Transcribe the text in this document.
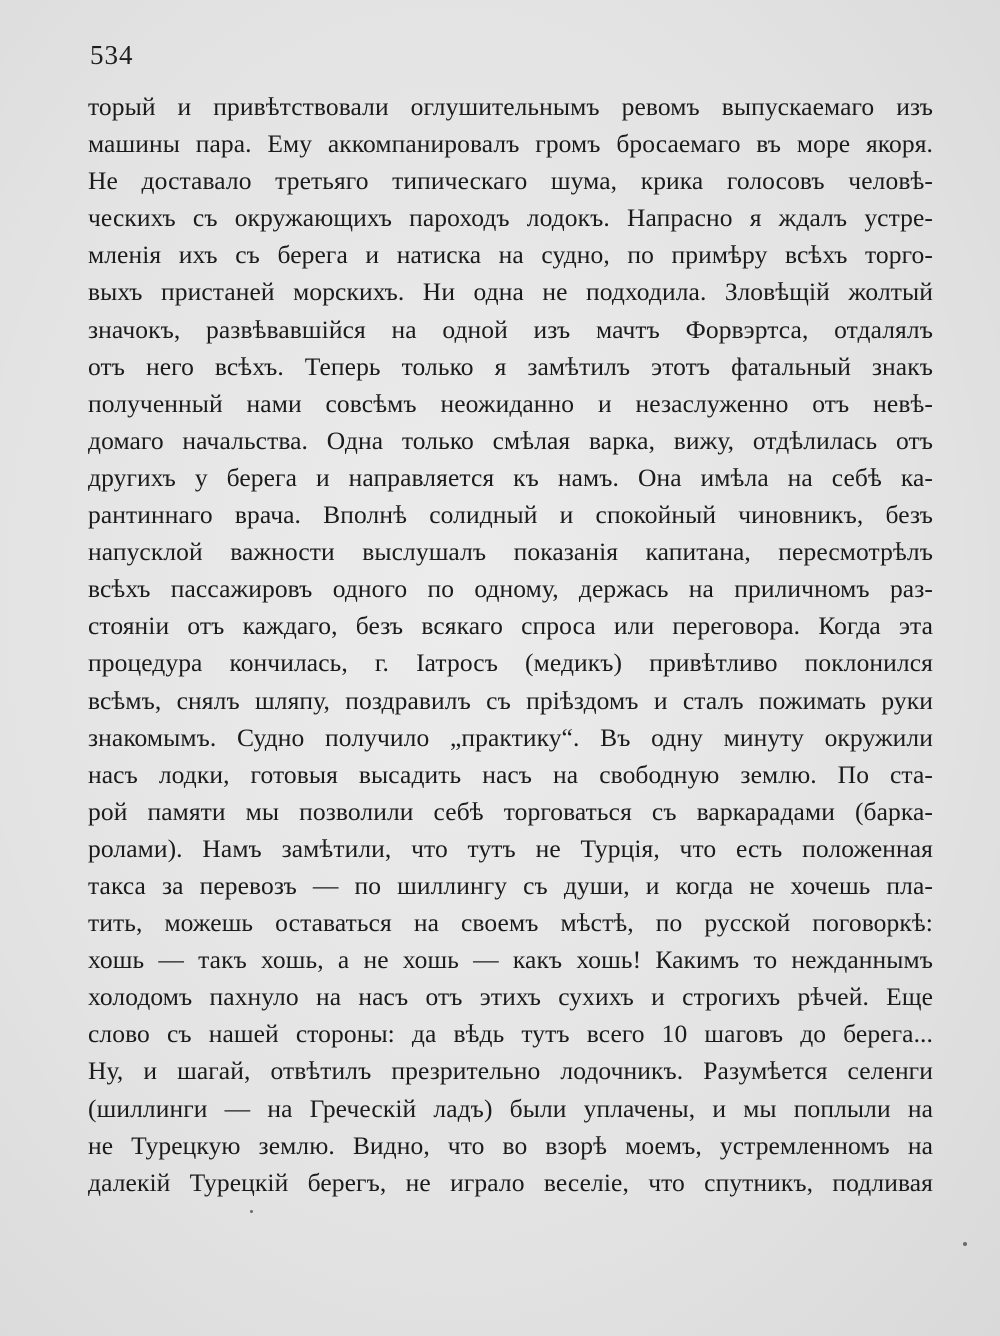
534
торый и привѣтствовали оглушительнымъ ревомъ выпускаемаго изъ
машины пара. Ему аккомпанировалъ громъ бросаемаго въ море якоря.
Не доставало третьяго типическаго шума, крика голосовъ человѣ-
ческихъ съ окружающихъ пароходъ лодокъ. Напрасно я ждалъ устре-
мленія ихъ съ берега и натиска на судно, по примѣру всѣхъ торго-
выхъ пристаней морскихъ. Ни одна не подходила. Зловѣщій жолтый
значокъ, развѣвавшійся на одной изъ мачтъ Форвэртса, отдалялъ
отъ него всѣхъ. Теперь только я замѣтилъ этотъ фатальный знакъ
полученный нами совсѣмъ неожиданно и незаслуженно отъ невѣ-
домаго начальства. Одна только смѣлая варка, вижу, отдѣлилась отъ
другихъ у берега и направляется къ намъ. Она имѣла на себѣ ка-
рантиннаго врача. Вполнѣ солидный и спокойный чиновникъ, безъ
напусклой важности выслушалъ показанія капитана, пересмотрѣлъ
всѣхъ пассажировъ одного по одному, держась на приличномъ раз-
стояніи отъ каждаго, безъ всякаго спроса или переговора. Когда эта
процедура кончилась, г. Іатросъ (медикъ) привѣтливо поклонился
всѣмъ, снялъ шляпу, поздравилъ съ пріѣздомъ и сталъ пожимать руки
знакомымъ. Судно получило „практику“. Въ одну минуту окружили
насъ лодки, готовыя высадить насъ на свободную землю. По ста-
рой памяти мы позволили себѣ торговаться съ варкарадами (барка-
ролами). Намъ замѣтили, что тутъ не Турція, что есть положенная
такса за перевозъ — по шиллингу съ души, и когда не хочешь пла-
тить, можешь оставаться на своемъ мѣстѣ, по русской поговоркѣ:
хошь — такъ хошь, а не хошь — какъ хошь! Какимъ то нежданнымъ
холодомъ пахнуло на насъ отъ этихъ сухихъ и строгихъ рѣчей. Еще
слово съ нашей стороны: да вѣдь тутъ всего 10 шаговъ до берега...
Ну, и шагай, отвѣтилъ презрительно лодочникъ. Разумѣется селенги
(шиллинги — на Греческій ладъ) были уплачены, и мы поплыли на
не Турецкую землю. Видно, что во взорѣ моемъ, устремленномъ на
далекій Турецкій берегъ, не играло веселіе, что спутникъ, подливая
